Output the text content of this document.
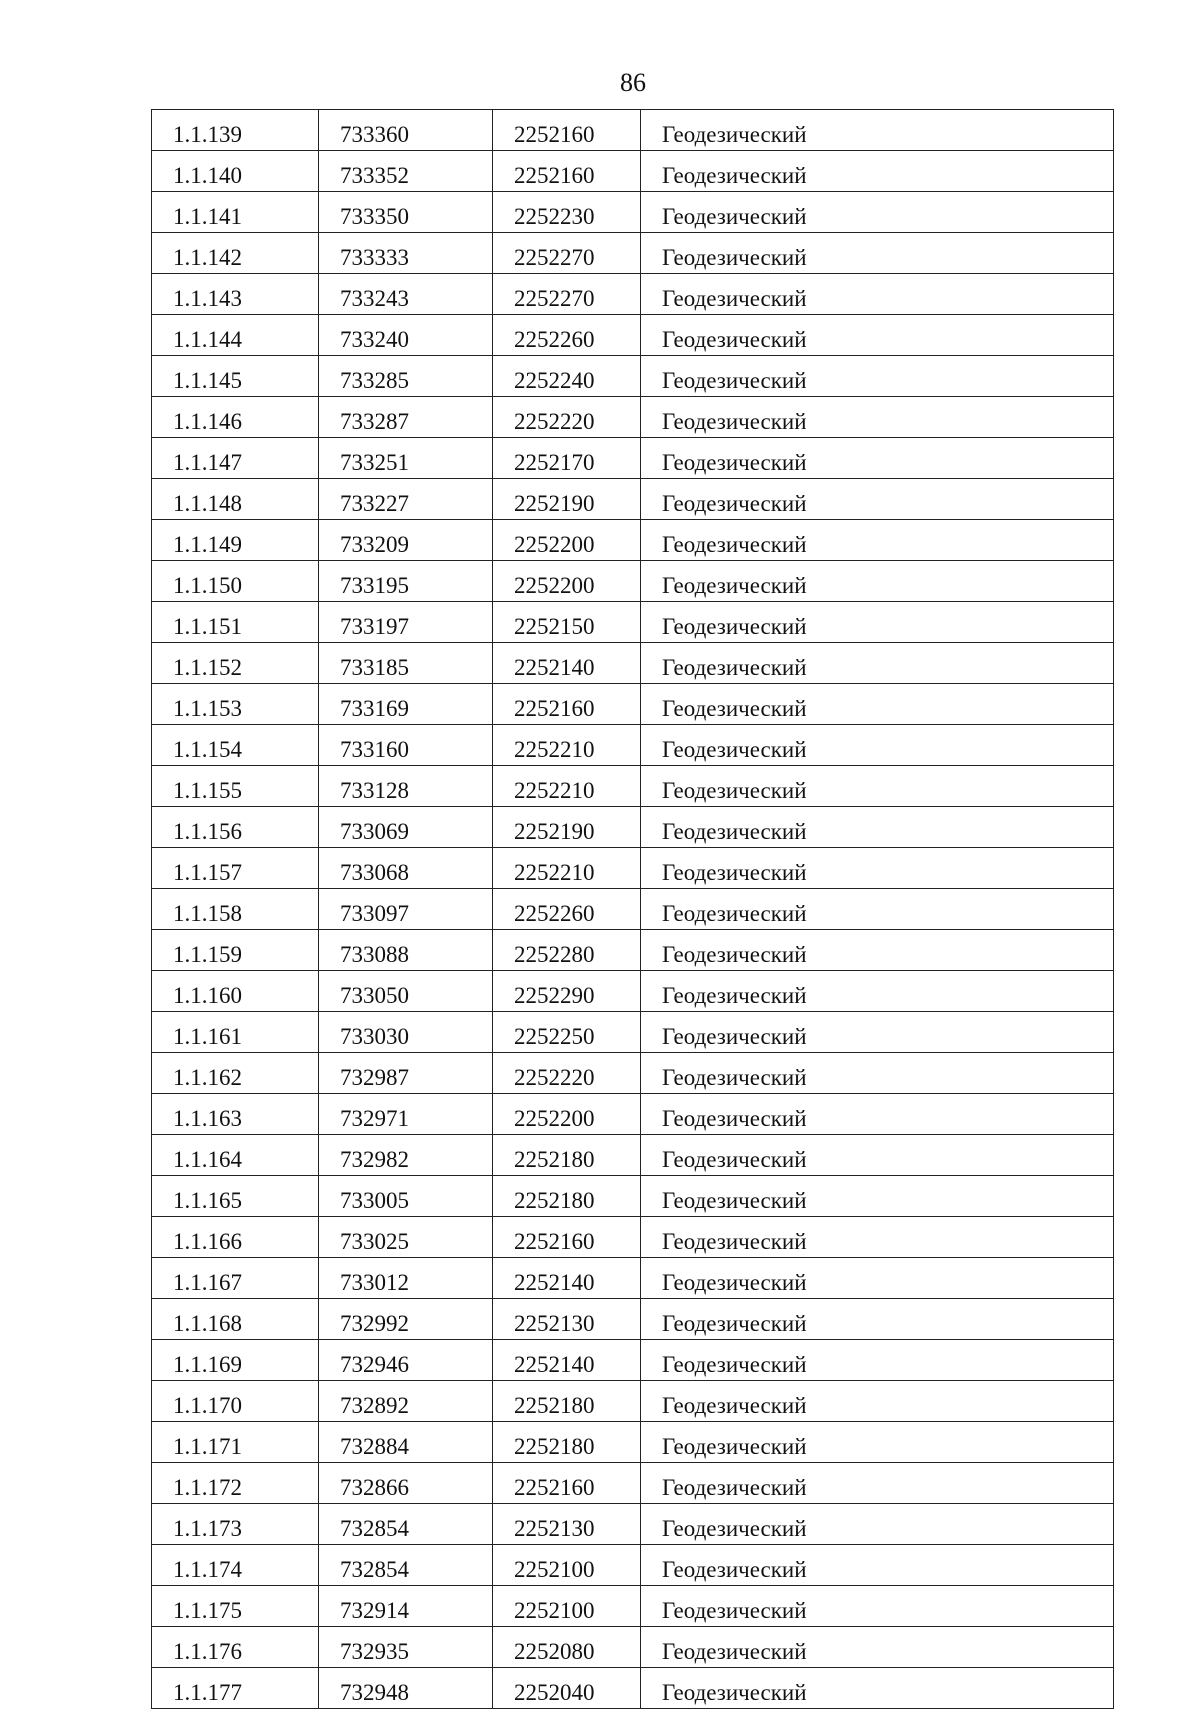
86
1.1.139	733360	2252160	Геодезический
1.1.140	733352	2252160	Геодезический
1.1.141	733350	2252230	Геодезический
1.1.142	733333	2252270	Геодезический
1.1.143	733243	2252270	Геодезический
1.1.144	733240	2252260	Геодезический
1.1.145	733285	2252240	Геодезический
1.1.146	733287	2252220	Геодезический
1.1.147	733251	2252170	Геодезический
1.1.148	733227	2252190	Геодезический
1.1.149	733209	2252200	Геодезический
1.1.150	733195	2252200	Геодезический
1.1.151	733197	2252150	Геодезический
1.1.152	733185	2252140	Геодезический
1.1.153	733169	2252160	Геодезический
1.1.154	733160	2252210	Геодезический
1.1.155	733128	2252210	Геодезический
1.1.156	733069	2252190	Геодезический
1.1.157	733068	2252210	Геодезический
1.1.158	733097	2252260	Геодезический
1.1.159	733088	2252280	Геодезический
1.1.160	733050	2252290	Геодезический
1.1.161	733030	2252250	Геодезический
1.1.162	732987	2252220	Геодезический
1.1.163	732971	2252200	Геодезический
1.1.164	732982	2252180	Геодезический
1.1.165	733005	2252180	Геодезический
1.1.166	733025	2252160	Геодезический
1.1.167	733012	2252140	Геодезический
1.1.168	732992	2252130	Геодезический
1.1.169	732946	2252140	Геодезический
1.1.170	732892	2252180	Геодезический
1.1.171	732884	2252180	Геодезический
1.1.172	732866	2252160	Геодезический
1.1.173	732854	2252130	Геодезический
1.1.174	732854	2252100	Геодезический
1.1.175	732914	2252100	Геодезический
1.1.176	732935	2252080	Геодезический
1.1.177	732948	2252040	Геодезический
